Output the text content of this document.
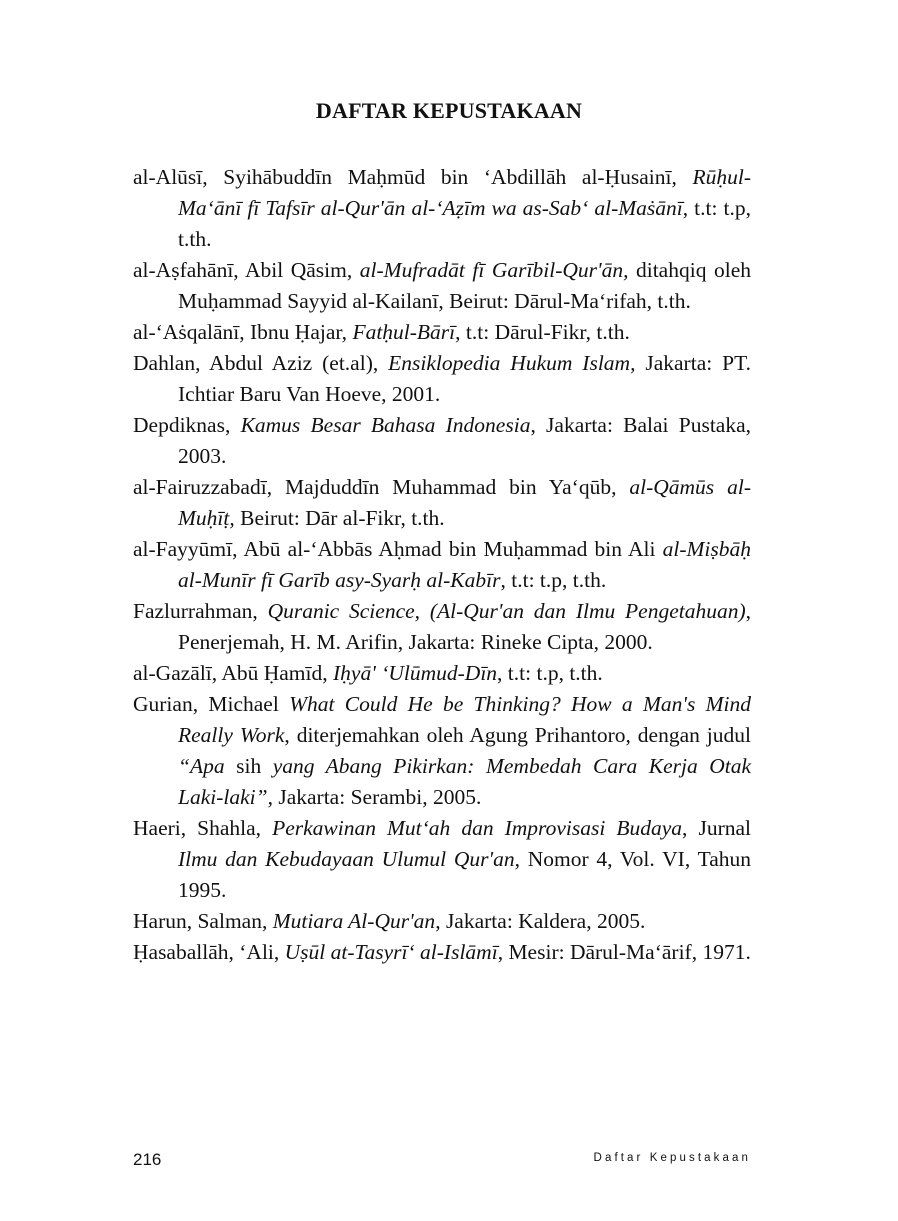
DAFTAR KEPUSTAKAAN

al-Alūsī, Syihābuddīn Maḥmūd bin ‘Abdillāh al-Ḥusainī, Rūḥul-Ma‘ānī fī Tafsīr al-Qur'ān al-‘Aẓīm wa as-Sab‘ al-Maṡānī, t.t: t.p, t.th.

al-Aṣfahānī, Abil Qāsim, al-Mufradāt fī Garībil-Qur'ān, ditahqiq oleh Muḥammad Sayyid al-Kailanī, Beirut: Dārul-Ma‘rifah, t.th.

al-‘Aṡqalānī, Ibnu Ḥajar, Fatḥul-Bārī, t.t: Dārul-Fikr, t.th.

Dahlan, Abdul Aziz (et.al), Ensiklopedia Hukum Islam, Jakarta: PT. Ichtiar Baru Van Hoeve, 2001.

Depdiknas, Kamus Besar Bahasa Indonesia, Jakarta: Balai Pustaka, 2003.

al-Fairuzzabadī, Majduddīn Muhammad bin Ya‘qūb, al-Qāmūs al-Muḥīṭ, Beirut: Dār al-Fikr, t.th.

al-Fayyūmī, Abū al-‘Abbās Aḥmad bin Muḥammad bin Ali al-Miṣbāḥ al-Munīr fī Garīb asy-Syarḥ al-Kabīr, t.t: t.p, t.th.

Fazlurrahman, Quranic Science, (Al-Qur'an dan Ilmu Pengetahuan), Penerjemah, H. M. Arifin, Jakarta: Rineke Cipta, 2000.

al-Gazālī, Abū Ḥamīd, Iḥyā' ‘Ulūmud-Dīn, t.t: t.p, t.th.

Gurian, Michael What Could He be Thinking? How a Man's Mind Really Work, diterjemahkan oleh Agung Prihantoro, dengan judul “Apa sih yang Abang Pikirkan: Membedah Cara Kerja Otak Laki-laki”, Jakarta: Serambi, 2005.

Haeri, Shahla, Perkawinan Mut‘ah dan Improvisasi Budaya, Jurnal Ilmu dan Kebudayaan Ulumul Qur'an, Nomor 4, Vol. VI, Tahun 1995.

Harun, Salman, Mutiara Al-Qur'an, Jakarta: Kaldera, 2005.

Ḥasaballāh, ‘Ali, Uṣūl at-Tasyrī‘ al-Islāmī, Mesir: Dārul-Ma‘ārif, 1971.

216	Daftar Kepustakaan
